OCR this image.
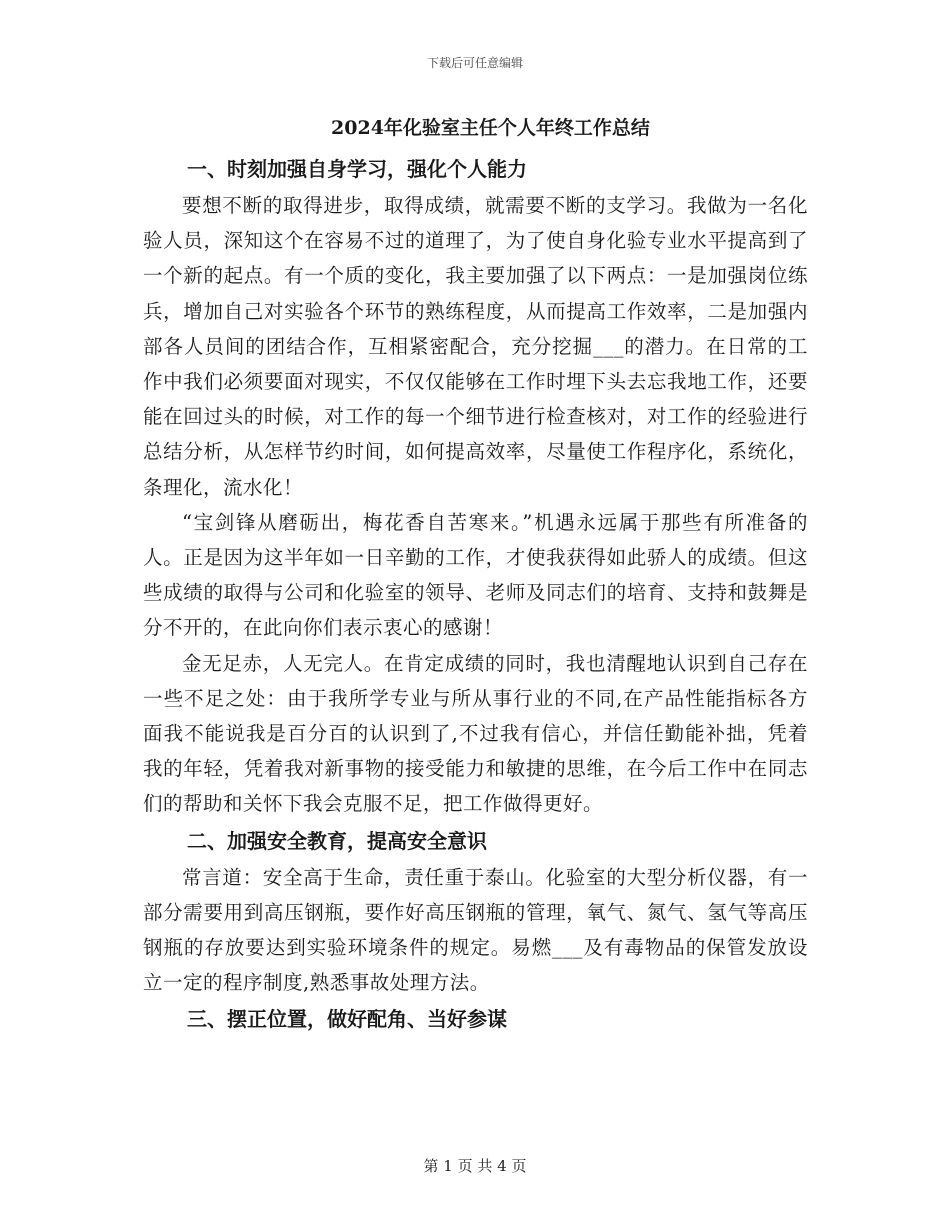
下载后可任意编辑
2024年化验室主任个人年终工作总结
一、时刻加强自身学习，强化个人能力

要想不断的取得进步，取得成绩，就需要不断的支学习。我做为一名化验人员，深知这个在容易不过的道理了，为了使自身化验专业水平提高到了一个新的起点。有一个质的变化，我主要加强了以下两点：一是加强岗位练兵，增加自己对实验各个环节的熟练程度，从而提高工作效率，二是加强内部各人员间的团结合作，互相紧密配合，充分挖掘___的潜力。在日常的工作中我们必须要面对现实，不仅仅能够在工作时埋下头去忘我地工作，还要能在回过头的时候，对工作的每一个细节进行检查核对，对工作的经验进行总结分析，从怎样节约时间，如何提高效率，尽量使工作程序化，系统化，条理化，流水化！

“宝剑锋从磨砺出，梅花香自苦寒来。”机遇永远属于那些有所准备的人。正是因为这半年如一日辛勤的工作，才使我获得如此骄人的成绩。但这些成绩的取得与公司和化验室的领导、老师及同志们的培育、支持和鼓舞是分不开的，在此向你们表示衷心的感谢！

金无足赤，人无完人。在肯定成绩的同时，我也清醒地认识到自己存在一些不足之处：由于我所学专业与所从事行业的不同,在产品性能指标各方面我不能说我是百分百的认识到了,不过我有信心，并信任勤能补拙，凭着我的年轻，凭着我对新事物的接受能力和敏捷的思维，在今后工作中在同志们的帮助和关怀下我会克服不足，把工作做得更好。

二、加强安全教育，提高安全意识

常言道：安全高于生命，责任重于泰山。化验室的大型分析仪器，有一部分需要用到高压钢瓶，要作好高压钢瓶的管理，氧气、氮气、氢气等高压钢瓶的存放要达到实验环境条件的规定。易燃___及有毒物品的保管发放设立一定的程序制度,熟悉事故处理方法。

三、摆正位置，做好配角、当好参谋
第 1 页 共 4 页
